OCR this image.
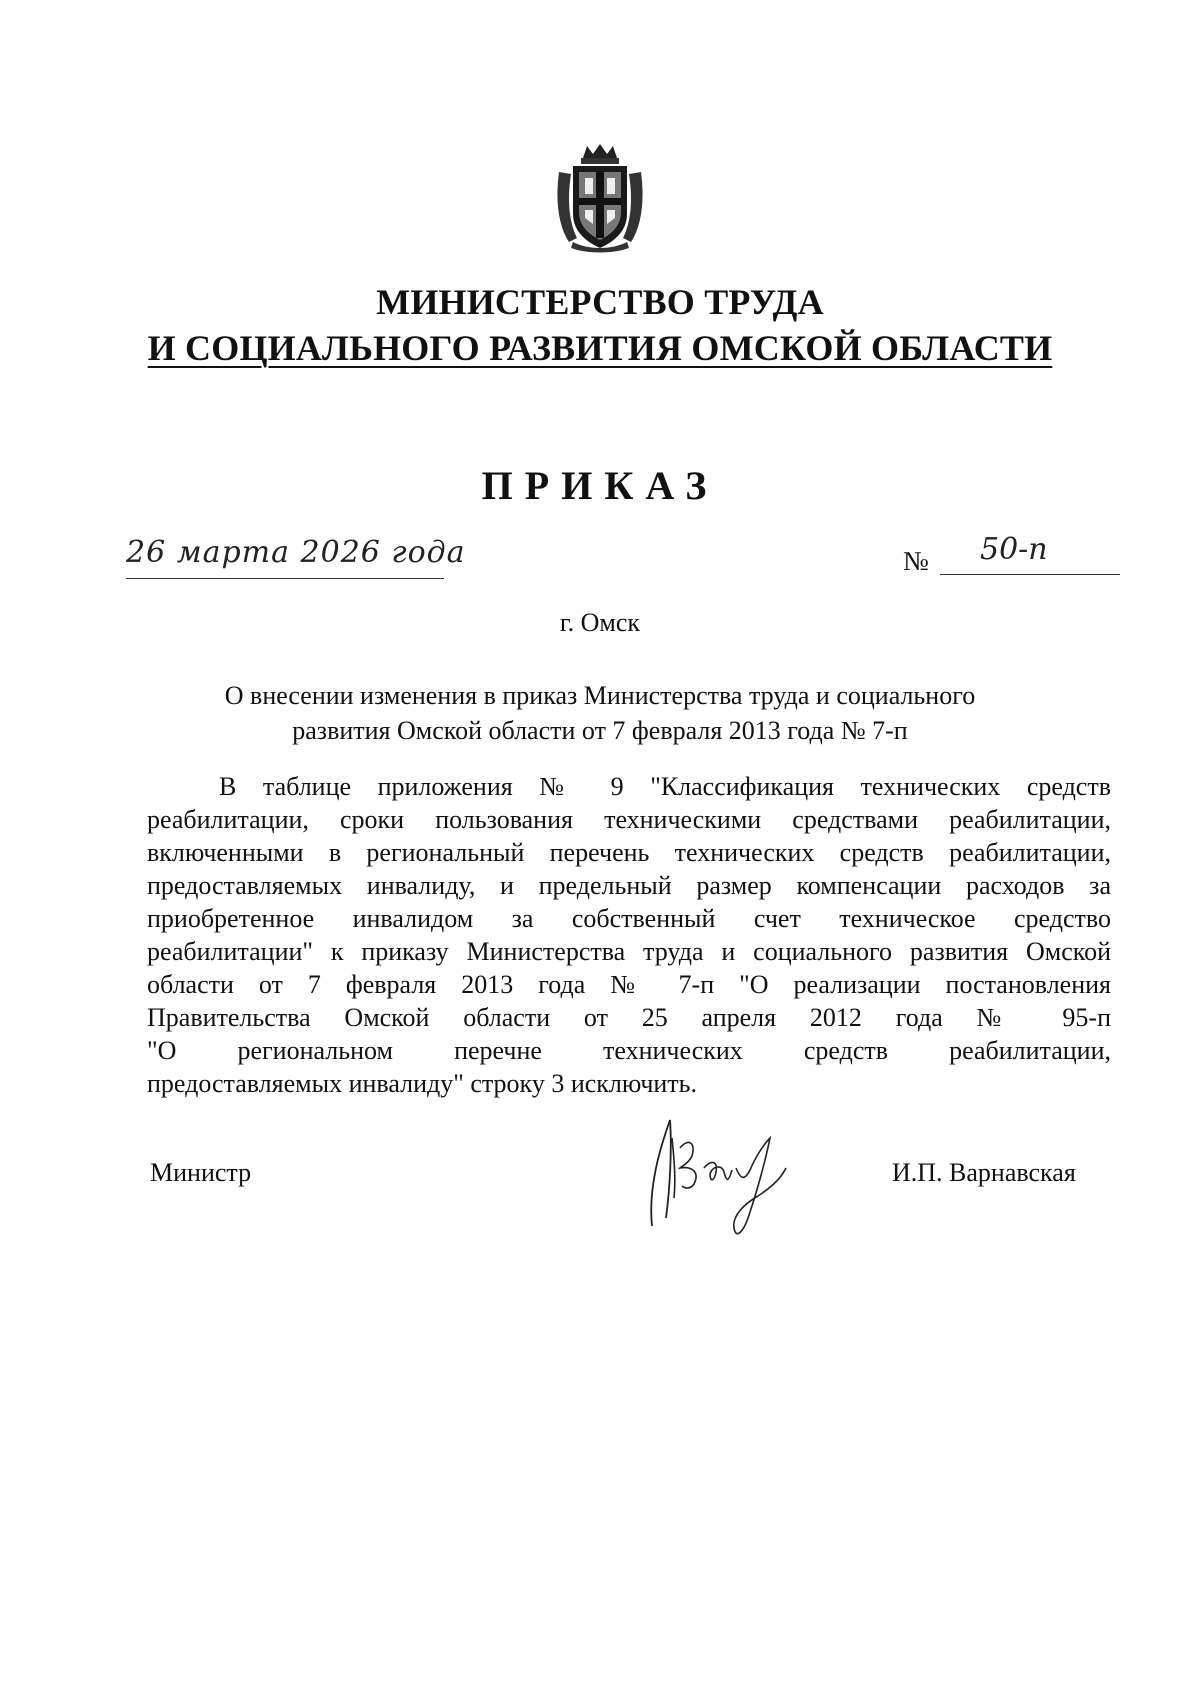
МИНИСТЕРСТВО ТРУДА
И СОЦИАЛЬНОГО РАЗВИТИЯ ОМСКОЙ ОБЛАСТИ
ПРИКАЗ
26 марта 2026 года	№ 50-п
г. Омск
О внесении изменения в приказ Министерства труда и социального
развития Омской области от 7 февраля 2013 года № 7-п
В таблице приложения № 9 "Классификация технических средств
реабилитации, сроки пользования техническими средствами реабилитации,
включенными в региональный перечень технических средств реабилитации,
предоставляемых инвалиду, и предельный размер компенсации расходов за
приобретенное инвалидом за собственный счет техническое средство
реабилитации" к приказу Министерства труда и социального развития Омской
области от 7 февраля 2013 года № 7-п "О реализации постановления
Правительства Омской области от 25 апреля 2012 года № 95-п
"О региональном перечне технических средств реабилитации,
предоставляемых инвалиду" строку 3 исключить.
Министр	И.П. Варнавская
